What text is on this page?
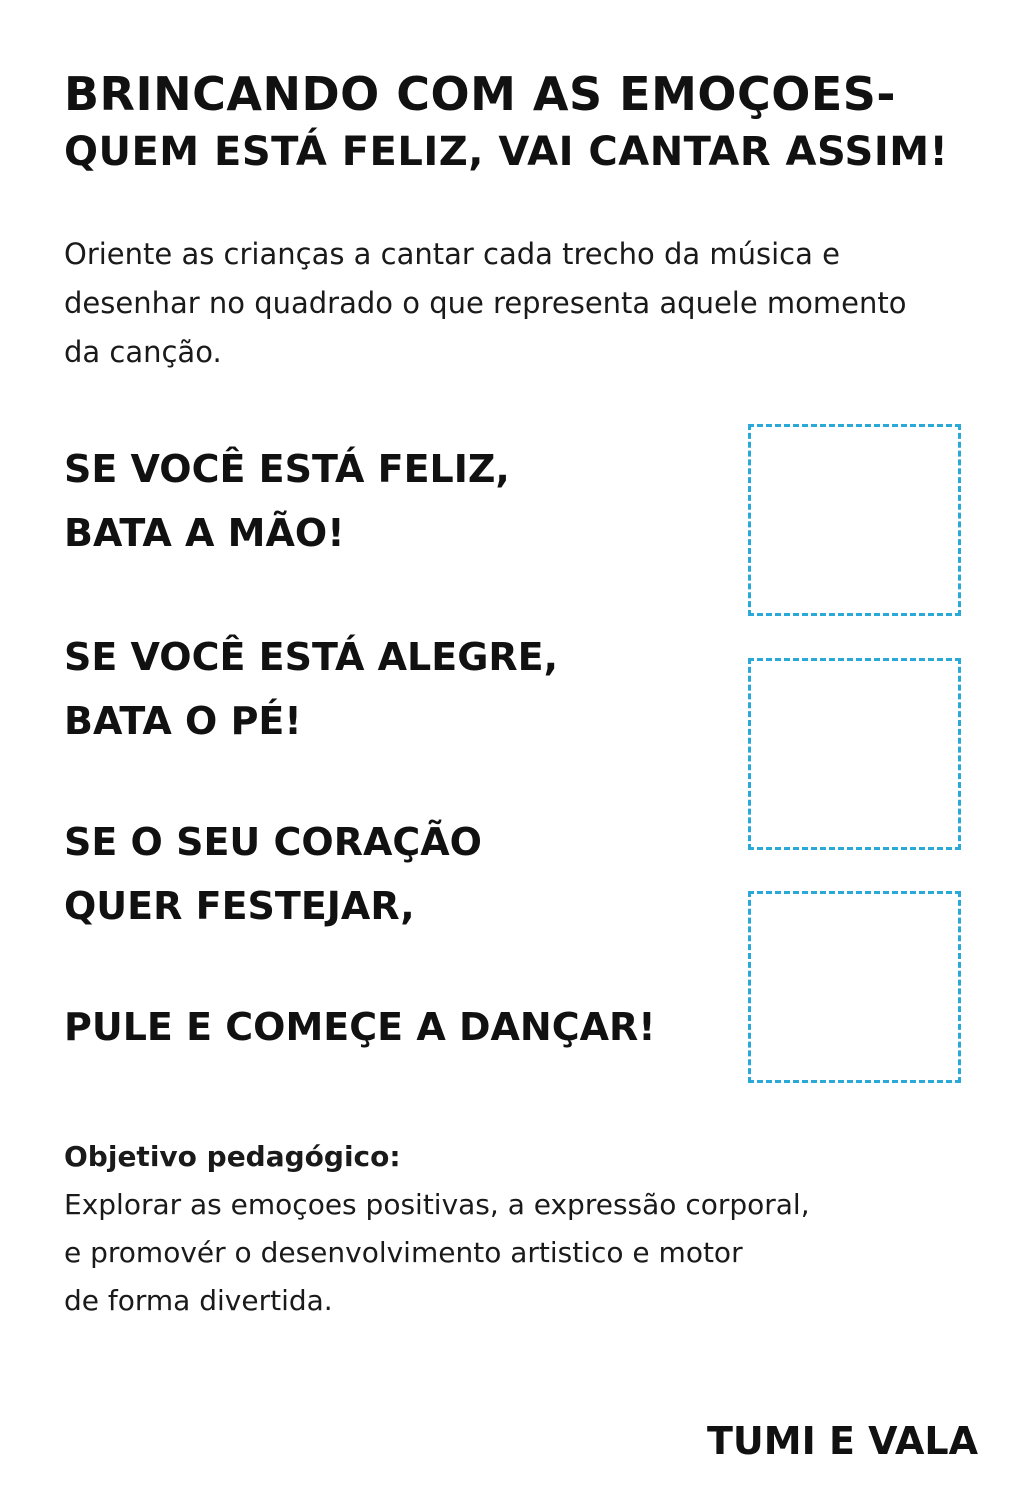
BRINCANDO COM AS EMOÇOES-
QUEM ESTÁ FELIZ, VAI CANTAR ASSIM!

Oriente as crianças a cantar cada trecho da música e
desenhar no quadrado o que representa aquele momento
da canção.

SE VOCÊ ESTÁ FELIZ,
BATA A MÃO!
SE VOCÊ ESTÁ ALEGRE,
BATA O PÉ!
SE O SEU CORAÇÃO
QUER FESTEJAR,
PULE E COMEÇE A DANÇAR!
Objetivo pedagógico:
Explorar as emoçoes positivas, a expressão corporal,
e promovér o desenvolvimento artistico e motor
de forma divertida.
TUMI E VALA
